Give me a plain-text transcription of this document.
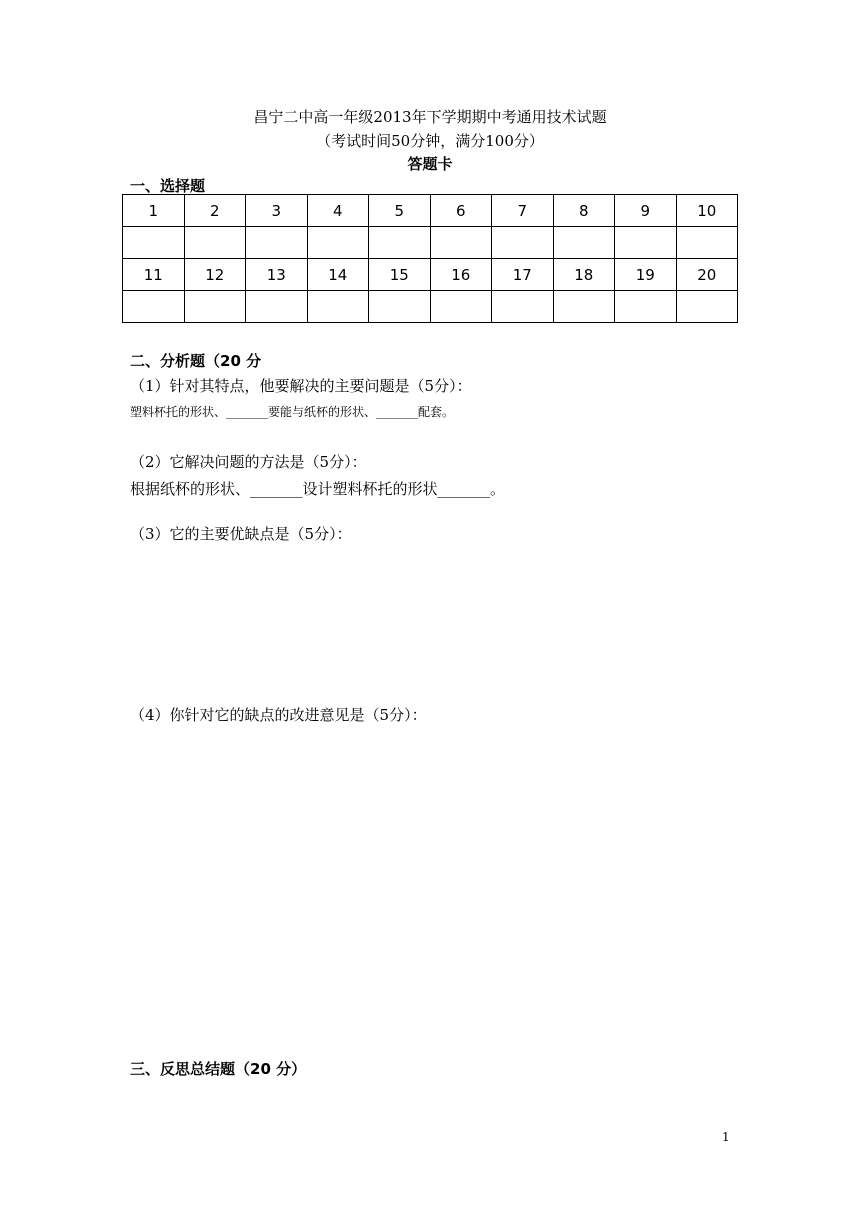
昌宁二中高一年级2013年下学期期中考通用技术试题
（考试时间50分钟，满分100分）
答题卡
一、选择题
1	2	3	4	5	6	7	8	9	10

11	12	13	14	15	16	17	18	19	20

二、分析题（20 分
（1）针对其特点，他要解决的主要问题是（5分）：
塑料杯托的形状、_______要能与纸杯的形状、_______配套。
（2）它解决问题的方法是（5分）：
根据纸杯的形状、_______设计塑料杯托的形状_______。
（3）它的主要优缺点是（5分）：
（4）你针对它的缺点的改进意见是（5分）：
三、反思总结题（20 分）
1
